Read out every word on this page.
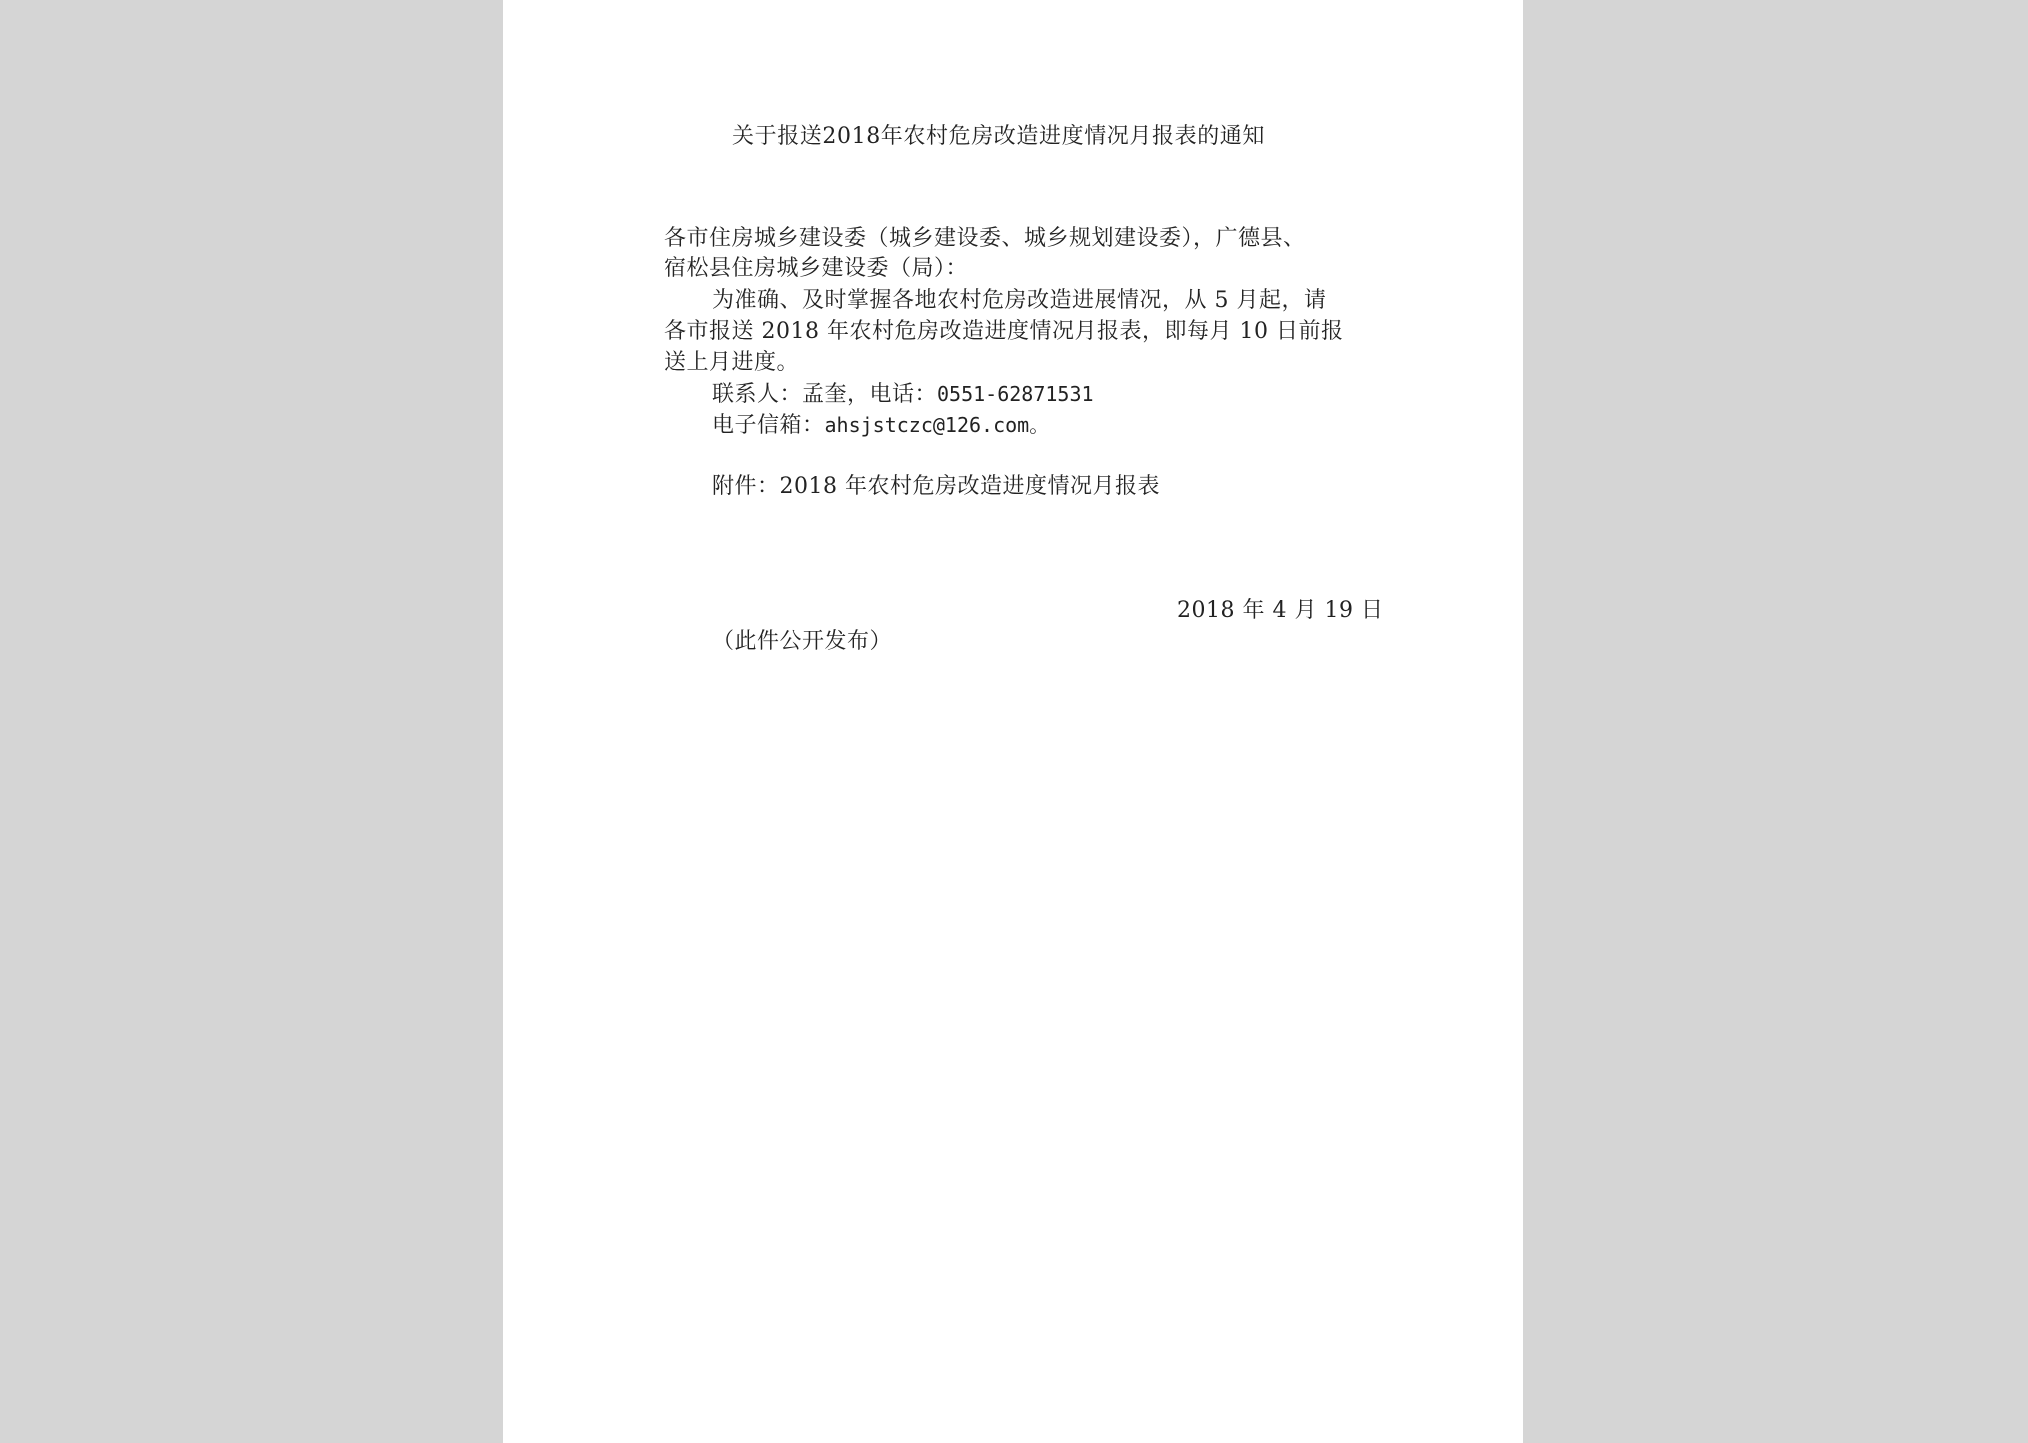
关于报送2018年农村危房改造进度情况月报表的通知
各市住房城乡建设委（城乡建设委、城乡规划建设委），广德县、
宿松县住房城乡建设委（局）：
为准确、及时掌握各地农村危房改造进展情况，从 5 月起，请
各市报送 2018 年农村危房改造进度情况月报表，即每月 10 日前报
送上月进度。
联系人：孟奎，电话：0551-62871531
电子信箱：ahsjstczc@126.com。
附件：2018 年农村危房改造进度情况月报表
2018 年 4 月 19 日
（此件公开发布）
